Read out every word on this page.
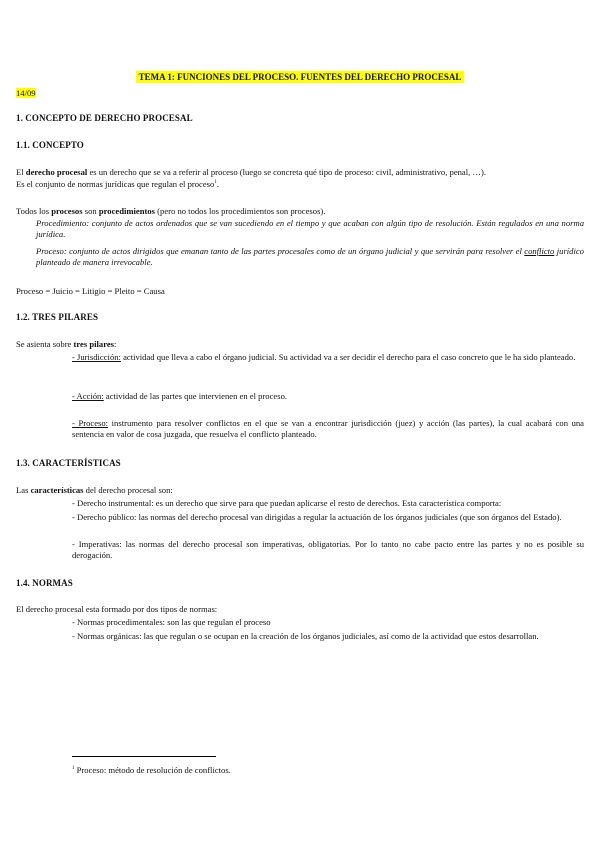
TEMA 1: FUNCIONES DEL PROCESO. FUENTES DEL DERECHO PROCESAL
14/09
1. CONCEPTO DE DERECHO PROCESAL
1.1. CONCEPTO
El derecho procesal es un derecho que se va a referir al proceso (luego se concreta qué tipo de proceso: civil, administrativo, penal, …).
Es el conjunto de normas jurídicas que regulan el proceso$^1$.
Todos los procesos son procedimientos (pero no todos los procedimientos son procesos).
Procedimiento: conjunto de actos ordenados que se van sucediendo en el tiempo y que acaban con algún tipo de resolución. Están regulados en una norma jurídica.
Proceso: conjunto de actos dirigidos que emanan tanto de las partes procesales como de un órgano judicial y que servirán para resolver el conflicto jurídico planteado de manera irrevocable.
Proceso = Juicio = Litigio = Pleito = Causa
1.2. TRES PILARES
Se asienta sobre tres pilares:
- Jurisdicción: actividad que lleva a cabo el órgano judicial. Su actividad va a ser decidir el derecho para el caso concreto que le ha sido planteado.
- Acción: actividad de las partes que intervienen en el proceso.
- Proceso: instrumento para resolver conflictos en el que se van a encontrar jurisdicción (juez) y acción (las partes), la cual acabará con una sentencia en valor de cosa juzgada, que resuelva el conflicto planteado.
1.3. CARACTERÍSTICAS
Las características del derecho procesal son:
- Derecho instrumental: es un derecho que sirve para que puedan aplicarse el resto de derechos. Esta característica comporta:
- Derecho público: las normas del derecho procesal van dirigidas a regular la actuación de los órganos judiciales (que son órganos del Estado).
- Imperativas: las normas del derecho procesal son imperativas, obligatorias. Por lo tanto no cabe pacto entre las partes y no es posible su derogación.
1.4. NORMAS
El derecho procesal esta formado por dos tipos de normas:
- Normas procedimentales: son las que regulan el proceso
- Normas orgánicas: las que regulan o se ocupan en la creación de los órganos judiciales, así como de la actividad que estos desarrollan.
$^1$ Proceso: método de resolución de conflictos.
